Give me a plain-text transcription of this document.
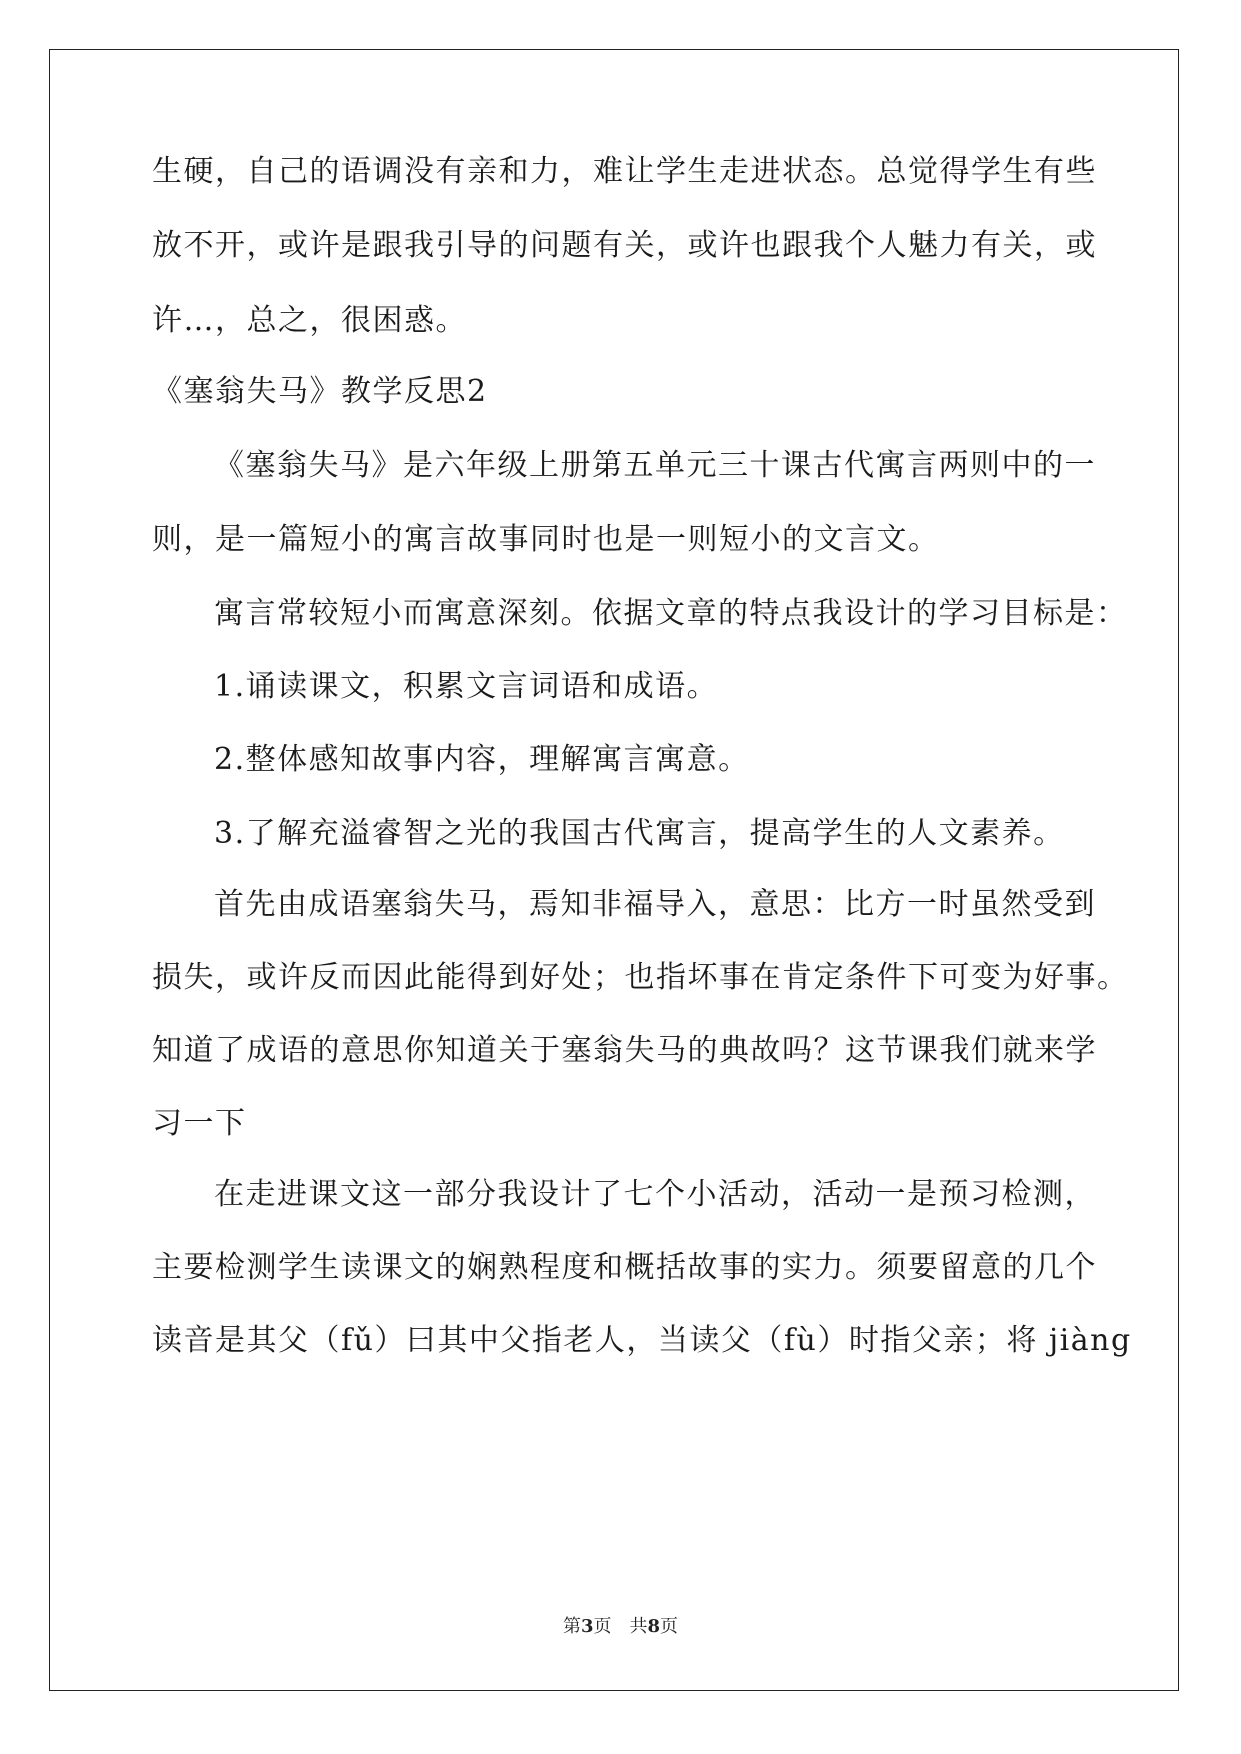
生硬，自己的语调没有亲和力，难让学生走进状态。总觉得学生有些
放不开，或许是跟我引导的问题有关，或许也跟我个人魅力有关，或
许…，总之，很困惑。
《塞翁失马》教学反思2
《塞翁失马》是六年级上册第五单元三十课古代寓言两则中的一
则，是一篇短小的寓言故事同时也是一则短小的文言文。
寓言常较短小而寓意深刻。依据文章的特点我设计的学习目标是：
1.诵读课文，积累文言词语和成语。
2.整体感知故事内容，理解寓言寓意。
3.了解充溢睿智之光的我国古代寓言，提高学生的人文素养。
首先由成语塞翁失马，焉知非福导入，意思：比方一时虽然受到
损失，或许反而因此能得到好处；也指坏事在肯定条件下可变为好事。
知道了成语的意思你知道关于塞翁失马的典故吗？这节课我们就来学
习一下
在走进课文这一部分我设计了七个小活动，活动一是预习检测，
主要检测学生读课文的娴熟程度和概括故事的实力。须要留意的几个
读音是其父（fǔ）曰其中父指老人，当读父（fù）时指父亲；将 jiàng
第3页　共8页
